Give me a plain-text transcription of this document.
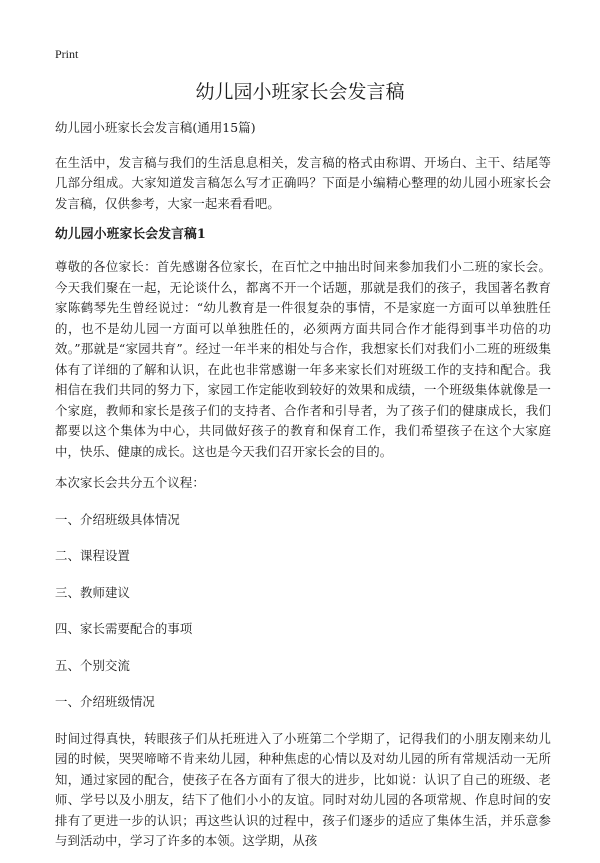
Print
幼儿园小班家长会发言稿

幼儿园小班家长会发言稿(通用15篇)

在生活中，发言稿与我们的生活息息相关，发言稿的格式由称谓、开场白、主干、结尾等几部分组成。大家知道发言稿怎么写才正确吗？下面是小编精心整理的幼儿园小班家长会发言稿，仅供参考，大家一起来看看吧。

幼儿园小班家长会发言稿1

尊敬的各位家长：首先感谢各位家长，在百忙之中抽出时间来参加我们小二班的家长会。今天我们聚在一起，无论谈什么，都离不开一个话题，那就是我们的孩子，我国著名教育家陈鹤琴先生曾经说过：“幼儿教育是一件很复杂的事情，不是家庭一方面可以单独胜任的，也不是幼儿园一方面可以单独胜任的，必须两方面共同合作才能得到事半功倍的功效。”那就是“家园共育”。经过一年半来的相处与合作，我想家长们对我们小二班的班级集体有了详细的了解和认识，在此也非常感谢一年多来家长们对班级工作的支持和配合。我相信在我们共同的努力下，家园工作定能收到较好的效果和成绩，一个班级集体就像是一个家庭，教师和家长是孩子们的支持者、合作者和引导者，为了孩子们的健康成长，我们都要以这个集体为中心，共同做好孩子的教育和保育工作，我们希望孩子在这个大家庭中，快乐、健康的成长。这也是今天我们召开家长会的目的。

本次家长会共分五个议程：

一、介绍班级具体情况

二、课程设置

三、教师建议

四、家长需要配合的事项

五、个别交流

一、介绍班级情况

时间过得真快，转眼孩子们从托班进入了小班第二个学期了，记得我们的小朋友刚来幼儿园的时候，哭哭啼啼不肯来幼儿园，种种焦虑的心情以及对幼儿园的所有常规活动一无所知，通过家园的配合，使孩子在各方面有了很大的进步，比如说：认识了自己的班级、老师、学号以及小朋友，结下了他们小小的友谊。同时对幼儿园的各项常规、作息时间的安排有了更进一步的认识；再这些认识的过程中，孩子们逐步的适应了集体生活，并乐意参与到活动中，学习了许多的本领。这学期，从孩
